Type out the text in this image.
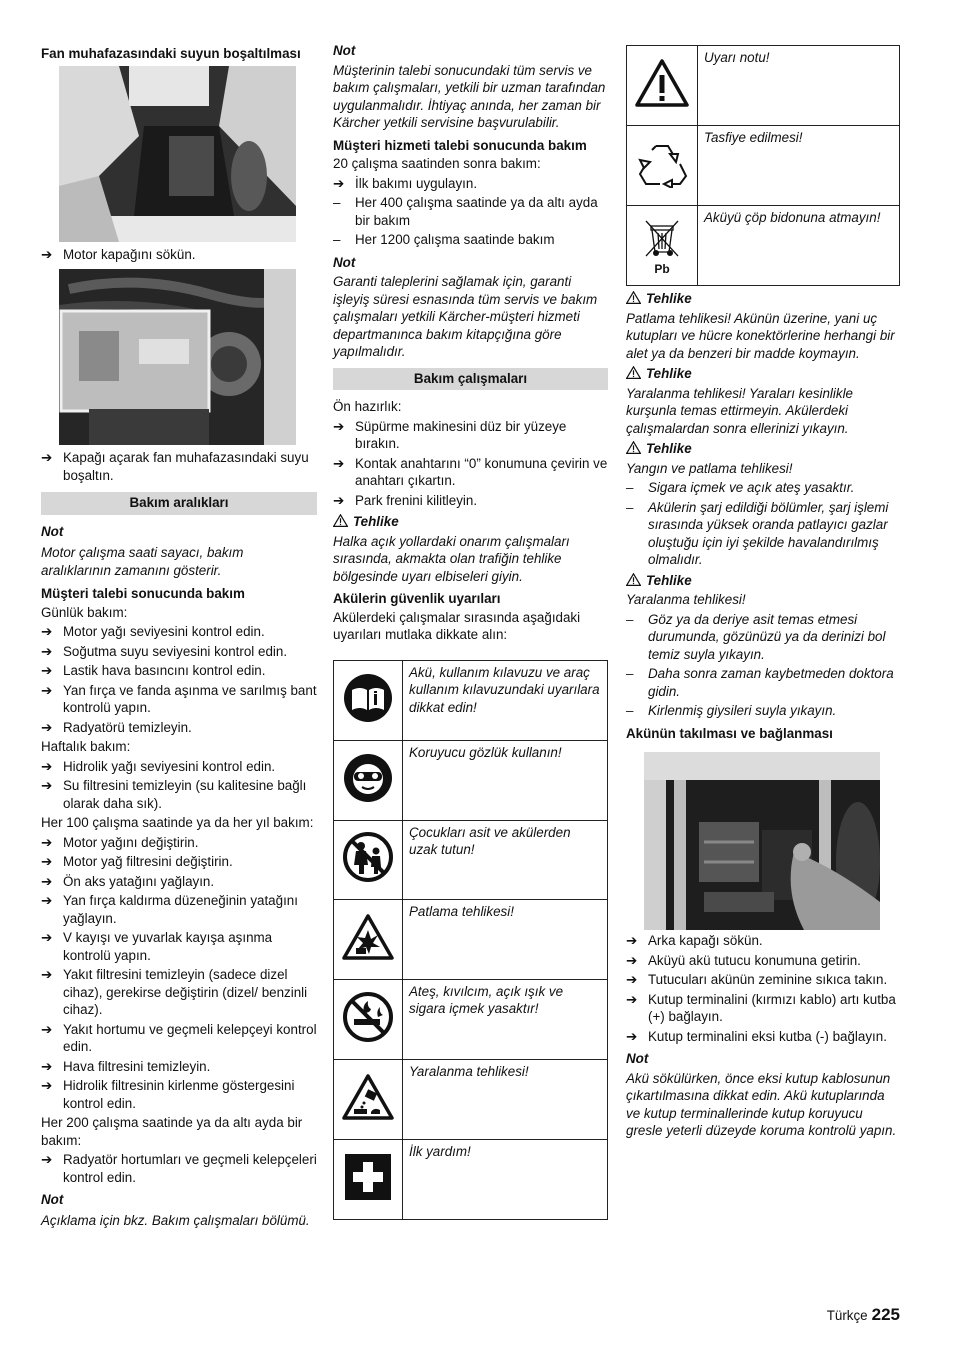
Fan muhafazasındaki suyun boşaltılması

➔ Motor kapağını sökün.
➔ Kapağı açarak fan muhafazasındaki suyu boşaltın.
Bakım aralıkları

Not

Motor çalışma saati sayacı, bakım aralıklarının zamanını gösterir.

Müşteri talebi sonucunda bakım

Günlük bakım:

➔ Motor yağı seviyesini kontrol edin.
➔ Soğutma suyu seviyesini kontrol edin.
➔ Lastik hava basıncını kontrol edin.
➔ Yan fırça ve fanda aşınma ve sarılmış bant kontrolü yapın.
➔ Radyatörü temizleyin.

Haftalık bakım:

➔ Hidrolik yağı seviyesini kontrol edin.
➔ Su filtresini temizleyin (su kalitesine bağlı olarak daha sık).

Her 100 çalışma saatinde ya da her yıl bakım:

➔ Motor yağını değiştirin.
➔ Motor yağ filtresini değiştirin.
➔ Ön aks yatağını yağlayın.
➔ Yan fırça kaldırma düzeneğinin yatağını yağlayın.
➔ V kayışı ve yuvarlak kayışa aşınma kontrolü yapın.
➔ Yakıt filtresini temizleyin (sadece dizel cihaz), gerekirse değiştirin (dizel/ benzinli cihaz).
➔ Yakıt hortumu ve geçmeli kelepçeyi kontrol edin.
➔ Hava filtresini temizleyin.
➔ Hidrolik filtresinin kirlenme göstergesini kontrol edin.

Her 200 çalışma saatinde ya da altı ayda bir bakım:

➔ Radyatör hortumları ve geçmeli kelepçeleri kontrol edin.

Not

Açıklama için bkz. Bakım çalışmaları bölümü.

Not

Müşterinin talebi sonucundaki tüm servis ve bakım çalışmaları, yetkili bir uzman tarafından uygulanmalıdır. İhtiyaç anında, her zaman bir Kärcher yetkili servisine başvurulabilir.

Müşteri hizmeti talebi sonucunda bakım

20 çalışma saatinden sonra bakım:

➔ İlk bakımı uygulayın.
– Her 400 çalışma saatinde ya da altı ayda bir bakım
– Her 1200 çalışma saatinde bakım

Not

Garanti taleplerini sağlamak için, garanti işleyiş süresi esnasında tüm servis ve bakım çalışmaları yetkili Kärcher-müşteri hizmeti departmanınca bakım kitapçığına göre yapılmalıdır.

Bakım çalışmaları

Ön hazırlık:

➔ Süpürme makinesini düz bir yüzeye bırakın.
➔ Kontak anahtarını “0” konumuna çevirin ve anahtarı çıkartın.
➔ Park frenini kilitleyin.

Tehlike

Halka açık yollardaki onarım çalışmaları sırasında, akmakta olan trafiğin tehlike bölgesinde uyarı elbiseleri giyin.

Akülerin güvenlik uyarıları

Akülerdeki çalışmalar sırasında aşağıdaki uyarıları mutlaka dikkate alın:

	Akü, kullanım kılavuzu ve araç kullanım kılavuzundaki uyarılara dikkat edin!
	Koruyucu gözlük kullanın!
	Çocukları asit ve akülerden uzak tutun!
	Patlama tehlikesi!
	Ateş, kıvılcım, açık ışık ve sigara içmek yasaktır!
	Yaralanma tehlikesi!
	İlk yardım!
	Uyarı notu!
	Tasfiye edilmesi!

Pb	Aküyü çöp bidonuna atmayın!

Tehlike

Patlama tehlikesi! Akünün üzerine, yani uç kutupları ve hücre konektörlerine herhangi bir alet ya da benzeri bir madde koymayın.

Tehlike

Yaralanma tehlikesi! Yaraları kesinlikle kurşunla temas ettirmeyin. Akülerdeki çalışmalardan sonra ellerinizi yıkayın.

Tehlike

Yangın ve patlama tehlikesi!

– Sigara içmek ve açık ateş yasaktır.
– Akülerin şarj edildiği bölümler, şarj işlemi sırasında yüksek oranda patlayıcı gazlar oluştuğu için iyi şekilde havalandırılmış olmalıdır.

Tehlike

Yaralanma tehlikesi!

– Göz ya da deriye asit temas etmesi durumunda, gözünüzü ya da derinizi bol temiz suyla yıkayın.
– Daha sonra zaman kaybetmeden doktora gidin.
– Kirlenmiş giysileri suyla yıkayın.

Akünün takılması ve bağlanması

➔ Arka kapağı sökün.
➔ Aküyü akü tutucu konumuna getirin.
➔ Tutucuları akünün zeminine sıkıca takın.
➔ Kutup terminalini (kırmızı kablo) artı kutba (+) bağlayın.
➔ Kutup terminalini eksi kutba (-) bağlayın.

Not

Akü sökülürken, önce eksi kutup kablosunun çıkartılmasına dikkat edin. Akü kutuplarında ve kutup terminallerinde kutup koruyucu gresle yeterli düzeyde koruma kontrolü yapın.

Türkçe 225
